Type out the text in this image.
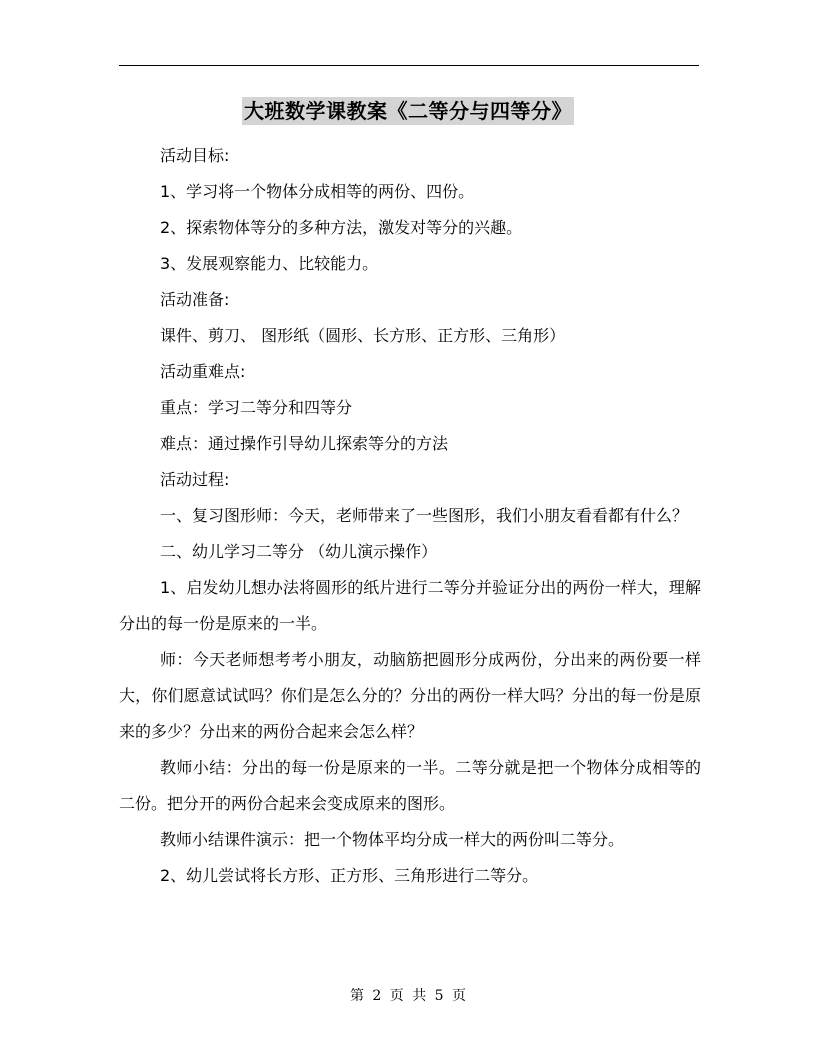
大班数学课教案《二等分与四等分》

活动目标:

1、学习将一个物体分成相等的两份、四份。

2、探索物体等分的多种方法，激发对等分的兴趣。

3、发展观察能力、比较能力。

活动准备:

课件、剪刀、 图形纸（圆形、长方形、正方形、三角形）

活动重难点:

重点：学习二等分和四等分

难点：通过操作引导幼儿探索等分的方法

活动过程:

一、复习图形师：今天，老师带来了一些图形，我们小朋友看看都有什么？

二、幼儿学习二等分 （幼儿演示操作）

1、启发幼儿想办法将圆形的纸片进行二等分并验证分出的两份一样大，理解分出的每一份是原来的一半。

师：今天老师想考考小朋友，动脑筋把圆形分成两份，分出来的两份要一样大，你们愿意试试吗？你们是怎么分的？分出的两份一样大吗？分出的每一份是原来的多少？分出来的两份合起来会怎么样？

教师小结：分出的每一份是原来的一半。二等分就是把一个物体分成相等的二份。把分开的两份合起来会变成原来的图形。

教师小结课件演示：把一个物体平均分成一样大的两份叫二等分。

2、幼儿尝试将长方形、正方形、三角形进行二等分。

第 2 页 共 5 页
